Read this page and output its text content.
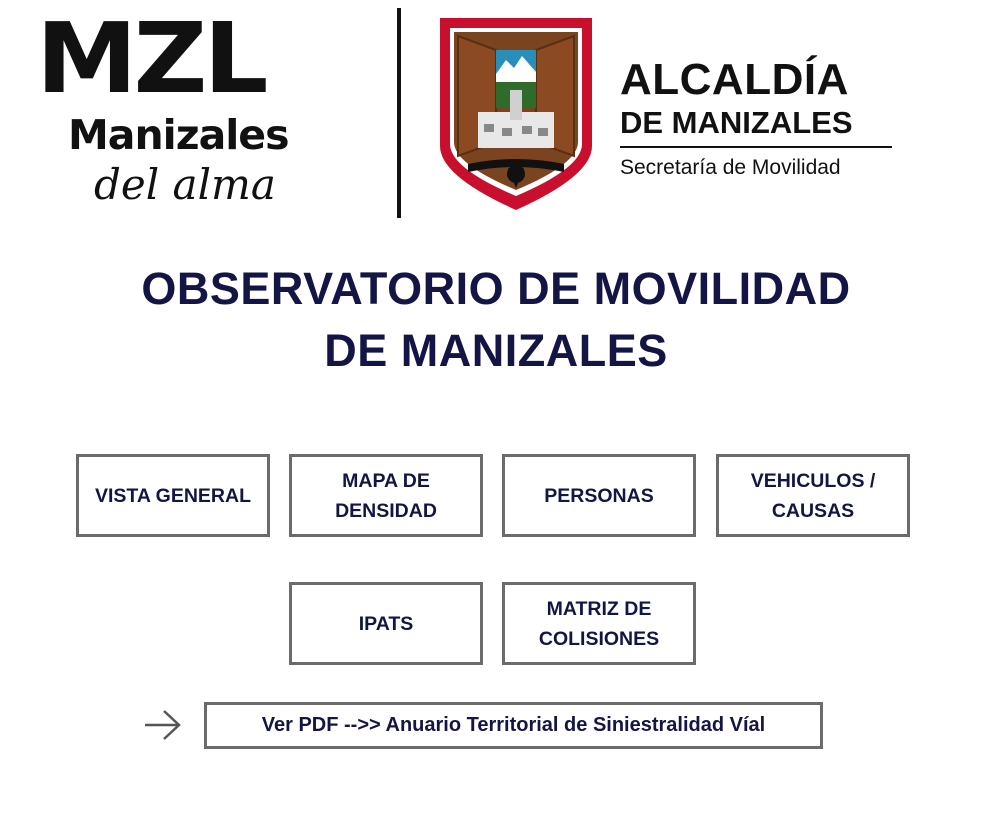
MZL
Manizales
del alma
ALCALDÍA
DE MANIZALES
Secretaría de Movilidad
OBSERVATORIO DE MOVILIDAD
DE MANIZALES
VISTA GENERAL
MAPA DE
DENSIDAD
PERSONAS
VEHICULOS /
CAUSAS
IPATS
MATRIZ DE
COLISIONES
Ver PDF -->> Anuario Territorial de Siniestralidad Víal
